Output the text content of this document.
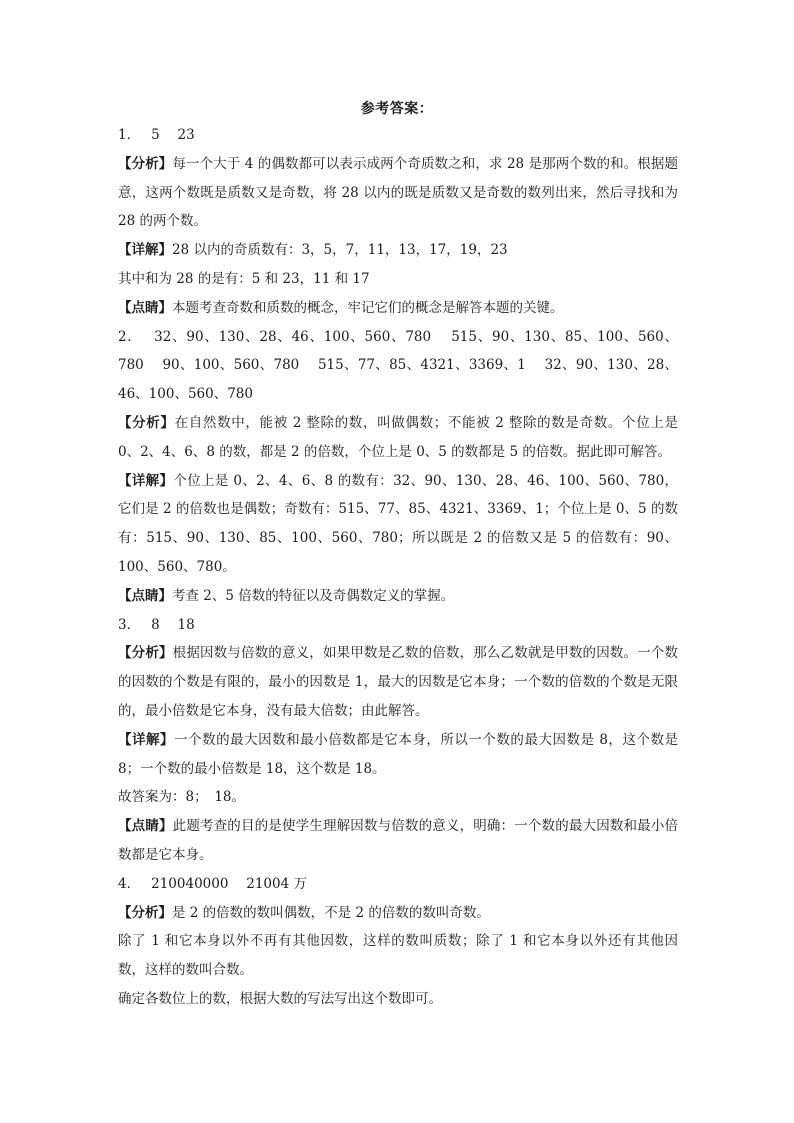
参考答案：

1．　 5　 23

【分析】每一个大于 4 的偶数都可以表示成两个奇质数之和，求 28 是那两个数的和。根据题意，这两个数既是质数又是奇数，将 28 以内的既是质数又是奇数的数列出来，然后寻找和为 28 的两个数。

【详解】28 以内的奇质数有：3，5，7，11，13，17，19，23

其中和为 28 的是有：5 和 23，11 和 17

【点睛】本题考查奇数和质数的概念，牢记它们的概念是解答本题的关键。

2．　 32、90、130、28、46、100、560、780　 515、90、130、85、100、560、780　 90、100、560、780　 515、77、85、4321、3369、1　 32、90、130、28、46、100、560、780

【分析】在自然数中，能被 2 整除的数，叫做偶数；不能被 2 整除的数是奇数。个位上是 0、2、4、6、8 的数，都是 2 的倍数，个位上是 0、5 的数都是 5 的倍数。据此即可解答。

【详解】个位上是 0、2、4、6、8 的数有：32、90、130、28、46、100、560、780，它们是 2 的倍数也是偶数；奇数有：515、77、85、4321、3369、1；个位上是 0、5 的数有：515、90、130、85、100、560、780；所以既是 2 的倍数又是 5 的倍数有：90、100、560、780。

【点睛】考查 2、5 倍数的特征以及奇偶数定义的掌握。

3．　 8　 18

【分析】根据因数与倍数的意义，如果甲数是乙数的倍数，那么乙数就是甲数的因数。一个数的因数的个数是有限的，最小的因数是 1，最大的因数是它本身；一个数的倍数的个数是无限的，最小倍数是它本身，没有最大倍数；由此解答。

【详解】一个数的最大因数和最小倍数都是它本身，所以一个数的最大因数是 8，这个数是 8；一个数的最小倍数是 18，这个数是 18。

故答案为：8；　18。

【点睛】此题考查的目的是使学生理解因数与倍数的意义，明确：一个数的最大因数和最小倍数都是它本身。

4．　 210040000　 21004 万

【分析】是 2 的倍数的数叫偶数，不是 2 的倍数的数叫奇数。

除了 1 和它本身以外不再有其他因数，这样的数叫质数；除了 1 和它本身以外还有其他因数，这样的数叫合数。

确定各数位上的数，根据大数的写法写出这个数即可。
